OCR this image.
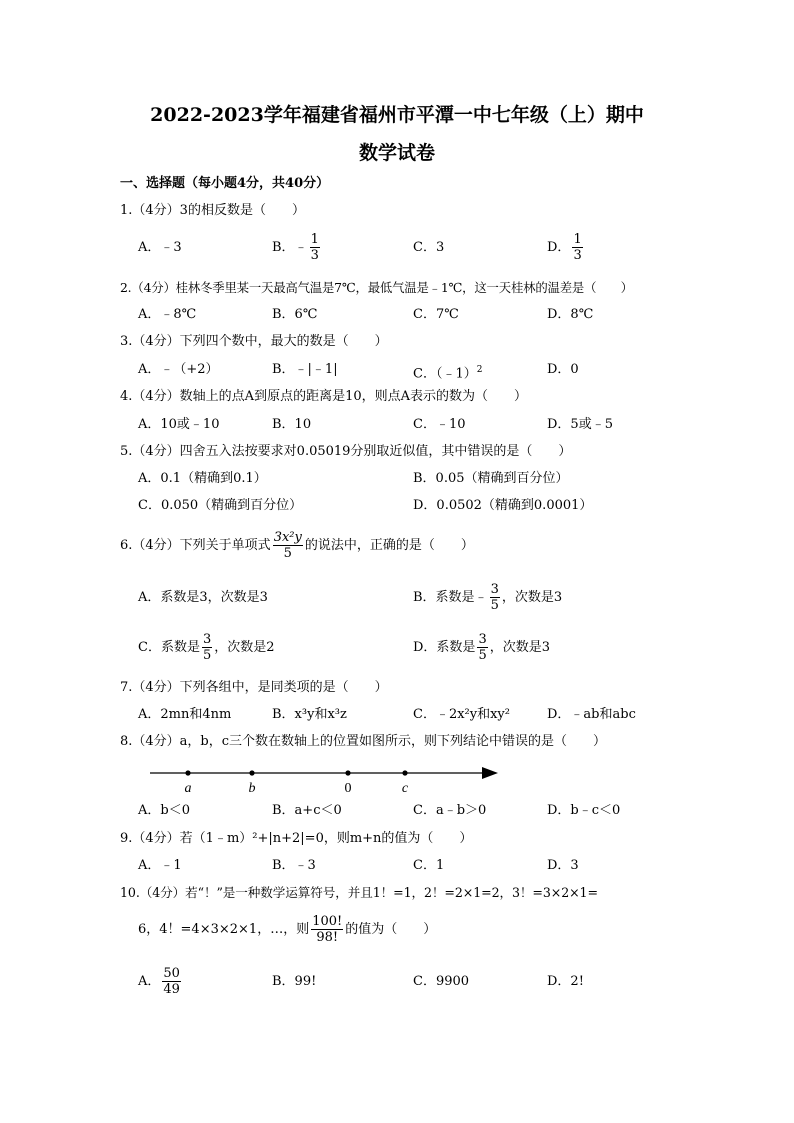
2022-2023学年福建省福州市平潭一中七年级（上）期中
数学试卷
一、选择题（每小题4分，共40分）
1.（4分）3的相反数是（　　）
A．﹣3	B．﹣ $\frac{1}{3}$	C．3	D． $\frac{1}{3}$
2.（4分）桂林冬季里某一天最高气温是7℃，最低气温是﹣1℃，这一天桂林的温差是（　　）
A．﹣8℃	B．6℃	C．7℃	D．8℃
3.（4分）下列四个数中，最大的数是（　　）
A．﹣（+2）	B．﹣|﹣1|	C．（﹣1）$^2$	D．0
4.（4分）数轴上的点A到原点的距离是10，则点A表示的数为（　　）
A．10或﹣10	B．10	C．﹣10	D．5或﹣5
5.（4分）四舍五入法按要求对0.05019分别取近似值，其中错误的是（　　）
A．0.1（精确到0.1）	B．0.05（精确到百分位）
C．0.050（精确到百分位）	D．0.0502（精确到0.0001）
6.（4分）下列关于单项式 $\frac{\text{3x²y}}{5}$ 的说法中，正确的是（　　）
A．系数是3，次数是3	B．系数是﹣ $\frac{3}{5}$ ，次数是3
C．系数是 $\frac{3}{5}$ ，次数是2	D．系数是 $\frac{3}{5}$ ，次数是3
7.（4分）下列各组中，是同类项的是（　　）
A．2mn和4nm	B．x³y和x³z	C．﹣2x²y和xy²	D．﹣ab和abc
8.（4分）a，b，c三个数在数轴上的位置如图所示，则下列结论中错误的是（　　）
a	b	0	c
A．b＜0	B．a+c＜0	C．a﹣b＞0	D．b﹣c＜0
9.（4分）若（1﹣m）²+|n+2|=0，则m+n的值为（　　）
A．﹣1	B．﹣3	C．1	D．3
10.（4分）若“！”是一种数学运算符号，并且1！=1，2！=2×1=2，3！=3×2×1=
6，4！=4×3×2×1，…，则 $\frac{100!}{98!}$ 的值为（　　）
A． $\frac{50}{49}$	B．99!	C．9900	D．2!
